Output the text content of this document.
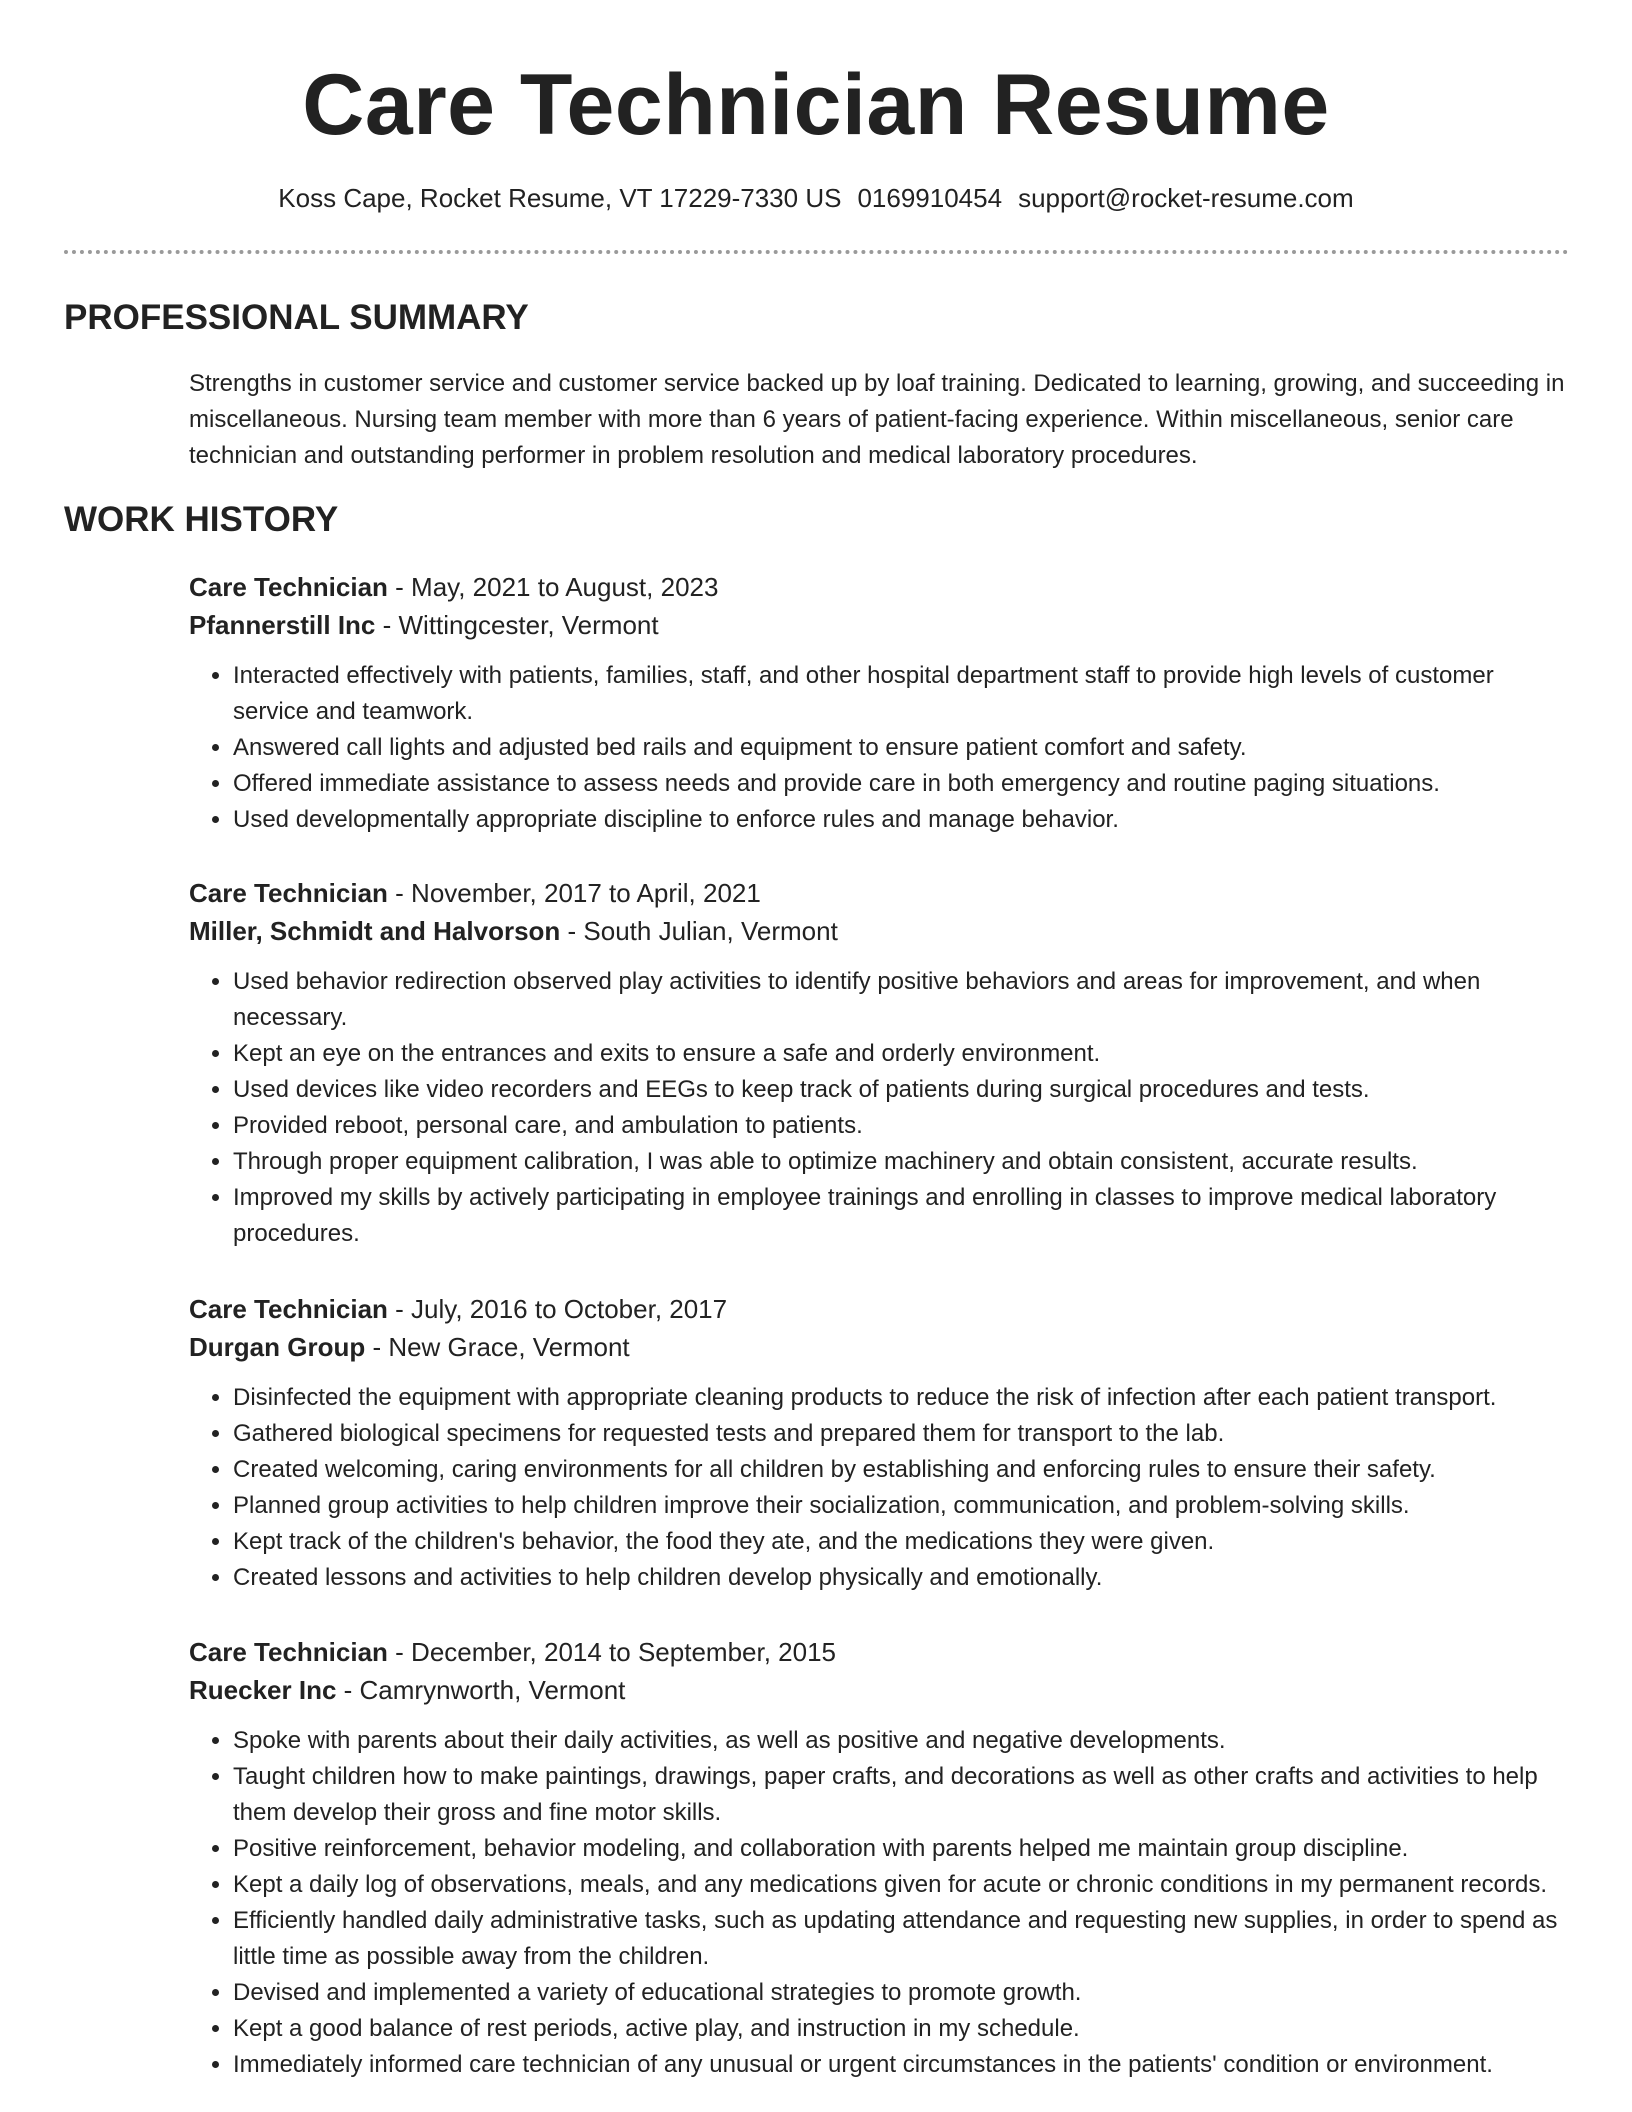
Care Technician Resume
Koss Cape, Rocket Resume, VT 17229-7330 US 0169910454 support@rocket-resume.com
PROFESSIONAL SUMMARY

Strengths in customer service and customer service backed up by loaf training. Dedicated to learning, growing, and succeeding in miscellaneous. Nursing team member with more than 6 years of patient-facing experience. Within miscellaneous, senior care technician and outstanding performer in problem resolution and medical laboratory procedures.

WORK HISTORY
Care Technician - May, 2021 to August, 2023
Pfannerstill Inc - Wittingcester, Vermont
• Interacted effectively with patients, families, staff, and other hospital department staff to provide high levels of customer service and teamwork.
• Answered call lights and adjusted bed rails and equipment to ensure patient comfort and safety.
• Offered immediate assistance to assess needs and provide care in both emergency and routine paging situations.
• Used developmentally appropriate discipline to enforce rules and manage behavior.
Care Technician - November, 2017 to April, 2021
Miller, Schmidt and Halvorson - South Julian, Vermont
• Used behavior redirection observed play activities to identify positive behaviors and areas for improvement, and when necessary.
• Kept an eye on the entrances and exits to ensure a safe and orderly environment.
• Used devices like video recorders and EEGs to keep track of patients during surgical procedures and tests.
• Provided reboot, personal care, and ambulation to patients.
• Through proper equipment calibration, I was able to optimize machinery and obtain consistent, accurate results.
• Improved my skills by actively participating in employee trainings and enrolling in classes to improve medical laboratory procedures.
Care Technician - July, 2016 to October, 2017
Durgan Group - New Grace, Vermont
• Disinfected the equipment with appropriate cleaning products to reduce the risk of infection after each patient transport.
• Gathered biological specimens for requested tests and prepared them for transport to the lab.
• Created welcoming, caring environments for all children by establishing and enforcing rules to ensure their safety.
• Planned group activities to help children improve their socialization, communication, and problem-solving skills.
• Kept track of the children's behavior, the food they ate, and the medications they were given.
• Created lessons and activities to help children develop physically and emotionally.
Care Technician - December, 2014 to September, 2015
Ruecker Inc - Camrynworth, Vermont
• Spoke with parents about their daily activities, as well as positive and negative developments.
• Taught children how to make paintings, drawings, paper crafts, and decorations as well as other crafts and activities to help them develop their gross and fine motor skills.
• Positive reinforcement, behavior modeling, and collaboration with parents helped me maintain group discipline.
• Kept a daily log of observations, meals, and any medications given for acute or chronic conditions in my permanent records.
• Efficiently handled daily administrative tasks, such as updating attendance and requesting new supplies, in order to spend as little time as possible away from the children.
• Devised and implemented a variety of educational strategies to promote growth.
• Kept a good balance of rest periods, active play, and instruction in my schedule.
• Immediately informed care technician of any unusual or urgent circumstances in the patients' condition or environment.
